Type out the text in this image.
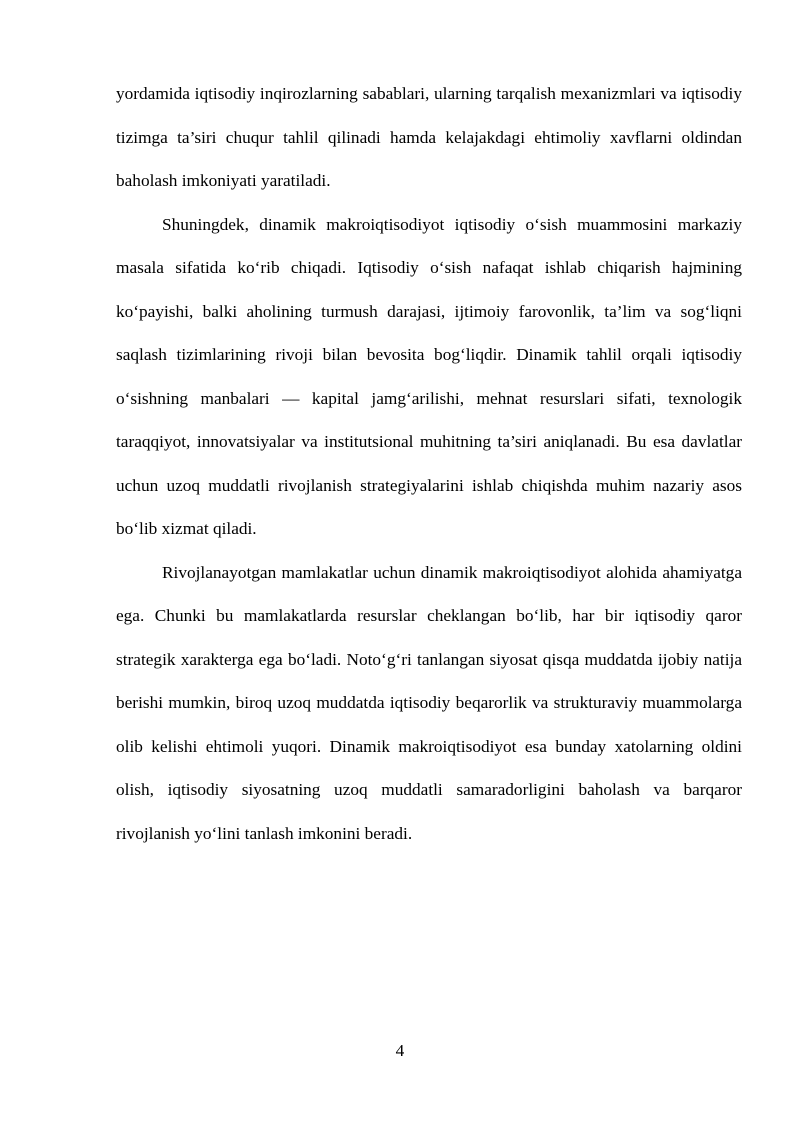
yordamida iqtisodiy inqirozlarning sabablari, ularning tarqalish mexanizmlari va iqtisodiy tizimga ta’siri chuqur tahlil qilinadi hamda kelajakdagi ehtimoliy xavflarni oldindan baholash imkoniyati yaratiladi.

Shuningdek, dinamik makroiqtisodiyot iqtisodiy o‘sish muammosini markaziy masala sifatida ko‘rib chiqadi. Iqtisodiy o‘sish nafaqat ishlab chiqarish hajmining ko‘payishi, balki aholining turmush darajasi, ijtimoiy farovonlik, ta’lim va sog‘liqni saqlash tizimlarining rivoji bilan bevosita bog‘liqdir. Dinamik tahlil orqali iqtisodiy o‘sishning manbalari — kapital jamg‘arilishi, mehnat resurslari sifati, texnologik taraqqiyot, innovatsiyalar va institutsional muhitning ta’siri aniqlanadi. Bu esa davlatlar uchun uzoq muddatli rivojlanish strategiyalarini ishlab chiqishda muhim nazariy asos bo‘lib xizmat qiladi.

Rivojlanayotgan mamlakatlar uchun dinamik makroiqtisodiyot alohida ahamiyatga ega. Chunki bu mamlakatlarda resurslar cheklangan bo‘lib, har bir iqtisodiy qaror strategik xarakterga ega bo‘ladi. Noto‘g‘ri tanlangan siyosat qisqa muddatda ijobiy natija berishi mumkin, biroq uzoq muddatda iqtisodiy beqarorlik va strukturaviy muammolarga olib kelishi ehtimoli yuqori. Dinamik makroiqtisodiyot esa bunday xatolarning oldini olish, iqtisodiy siyosatning uzoq muddatli samaradorligini baholash va barqaror rivojlanish yo‘lini tanlash imkonini beradi.

4
